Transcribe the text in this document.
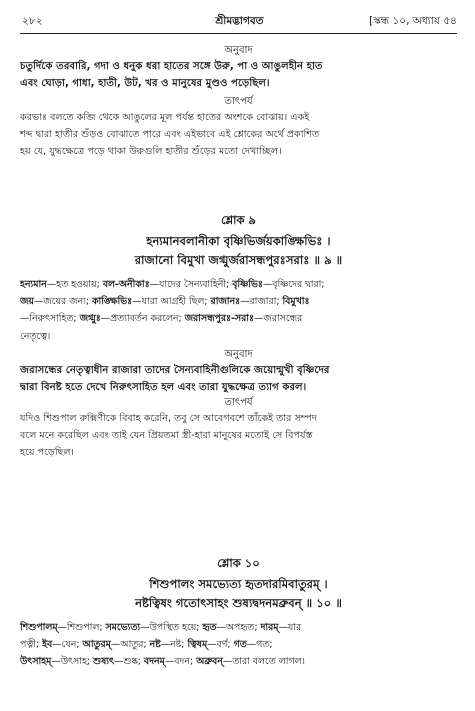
২৮২	শ্রীমদ্ভাগবত	[স্কন্ধ ১০, অধ্যায় ৫৪
অনুবাদ
চতুর্দিকে তরবারি, গদা ও ধনুক ধরা হাতের সঙ্গে উরু, পা ও আঙুলহীন হাত
এবং ঘোড়া, গাধা, হাতী, উট, খর ও মানুষের মুণ্ডও পড়েছিল।
তাৎপর্য
করভাঃ বলতে কব্জি থেকে আঙুলের মূল পর্যন্ত হাতের অংশকে বোঝায়। একই
শব্দ দ্বারা হাতীর শুঁড়ও বোঝাতে পারে এবং এইভাবে এই শ্লোকের অর্থে প্রকাশিত
হয় যে, যুদ্ধক্ষেত্রে পড়ে থাকা উরুগুলি হাতীর শুঁড়ের মতো দেখাচ্ছিল।
শ্লোক ৯
হন্যমানবলানীকা বৃষ্ণিভির্জয়কাঙ্ক্ষিভিঃ ।
রাজানো বিমুখা জগ্মুর্জরাসন্ধপুরঃসরাঃ ॥ ৯ ॥
হন্যমান—হত হওয়ায়; বল-অনীকাঃ—যাদের সৈন্যবাহিনী; বৃষ্ণিভিঃ—বৃষ্ণিদের দ্বারা;
জয়—জয়ের জন্য; কাঙ্ক্ষিভিঃ—যারা আগ্রহী ছিল; রাজানঃ—রাজারা; বিমুখাঃ
—নিরুৎসাহিত; জগ্মুঃ—প্রত্যাবর্তন করলেন; জরাসন্ধপুরঃ-সরাঃ—জরাসন্ধের
নেতৃত্বে।
অনুবাদ
জরাসন্ধের নেতৃত্বাধীন রাজারা তাদের সৈন্যবাহিনীগুলিকে জয়োন্মুখী বৃষ্ণিদের
দ্বারা বিনষ্ট হতে দেখে নিরুৎসাহিত হল এবং তারা যুদ্ধক্ষেত্র ত্যাগ করল।
তাৎপর্য
যদিও শিশুপাল রুক্মিণীকে বিবাহ করেনি, তবু সে আবেগবশে তাঁকেই তার সম্পদ
বলে মনে করেছিল এবং তাই যেন প্রিয়তমা স্ত্রী-হারা মানুষের মতোই সে বিপর্যস্ত
হয়ে পড়েছিল।
শ্লোক ১০
শিশুপালং সমভ্যেত্য হৃতদারমিবাতুরম্ ।
নষ্টত্বিষং গতোৎসাহং শুষ্যদ্বদনমব্রুবন্ ॥ ১০ ॥
শিশুপালম্—শিশুপাল; সমভ্যেত্য—উপস্থিত হয়ে; হৃত—অপহৃত; দারম্—যার
পত্নী; ইব—যেন; আতুরম্—আতুর; নষ্ট—নষ্ট; ত্বিষম্—বর্ণ; গত—গত;
উৎসাহম্—উৎসাহ; শুষ্যৎ—শুষ্ক; বদনম্—বদন; অব্রুবন্—তারা বলতে লাগল।
